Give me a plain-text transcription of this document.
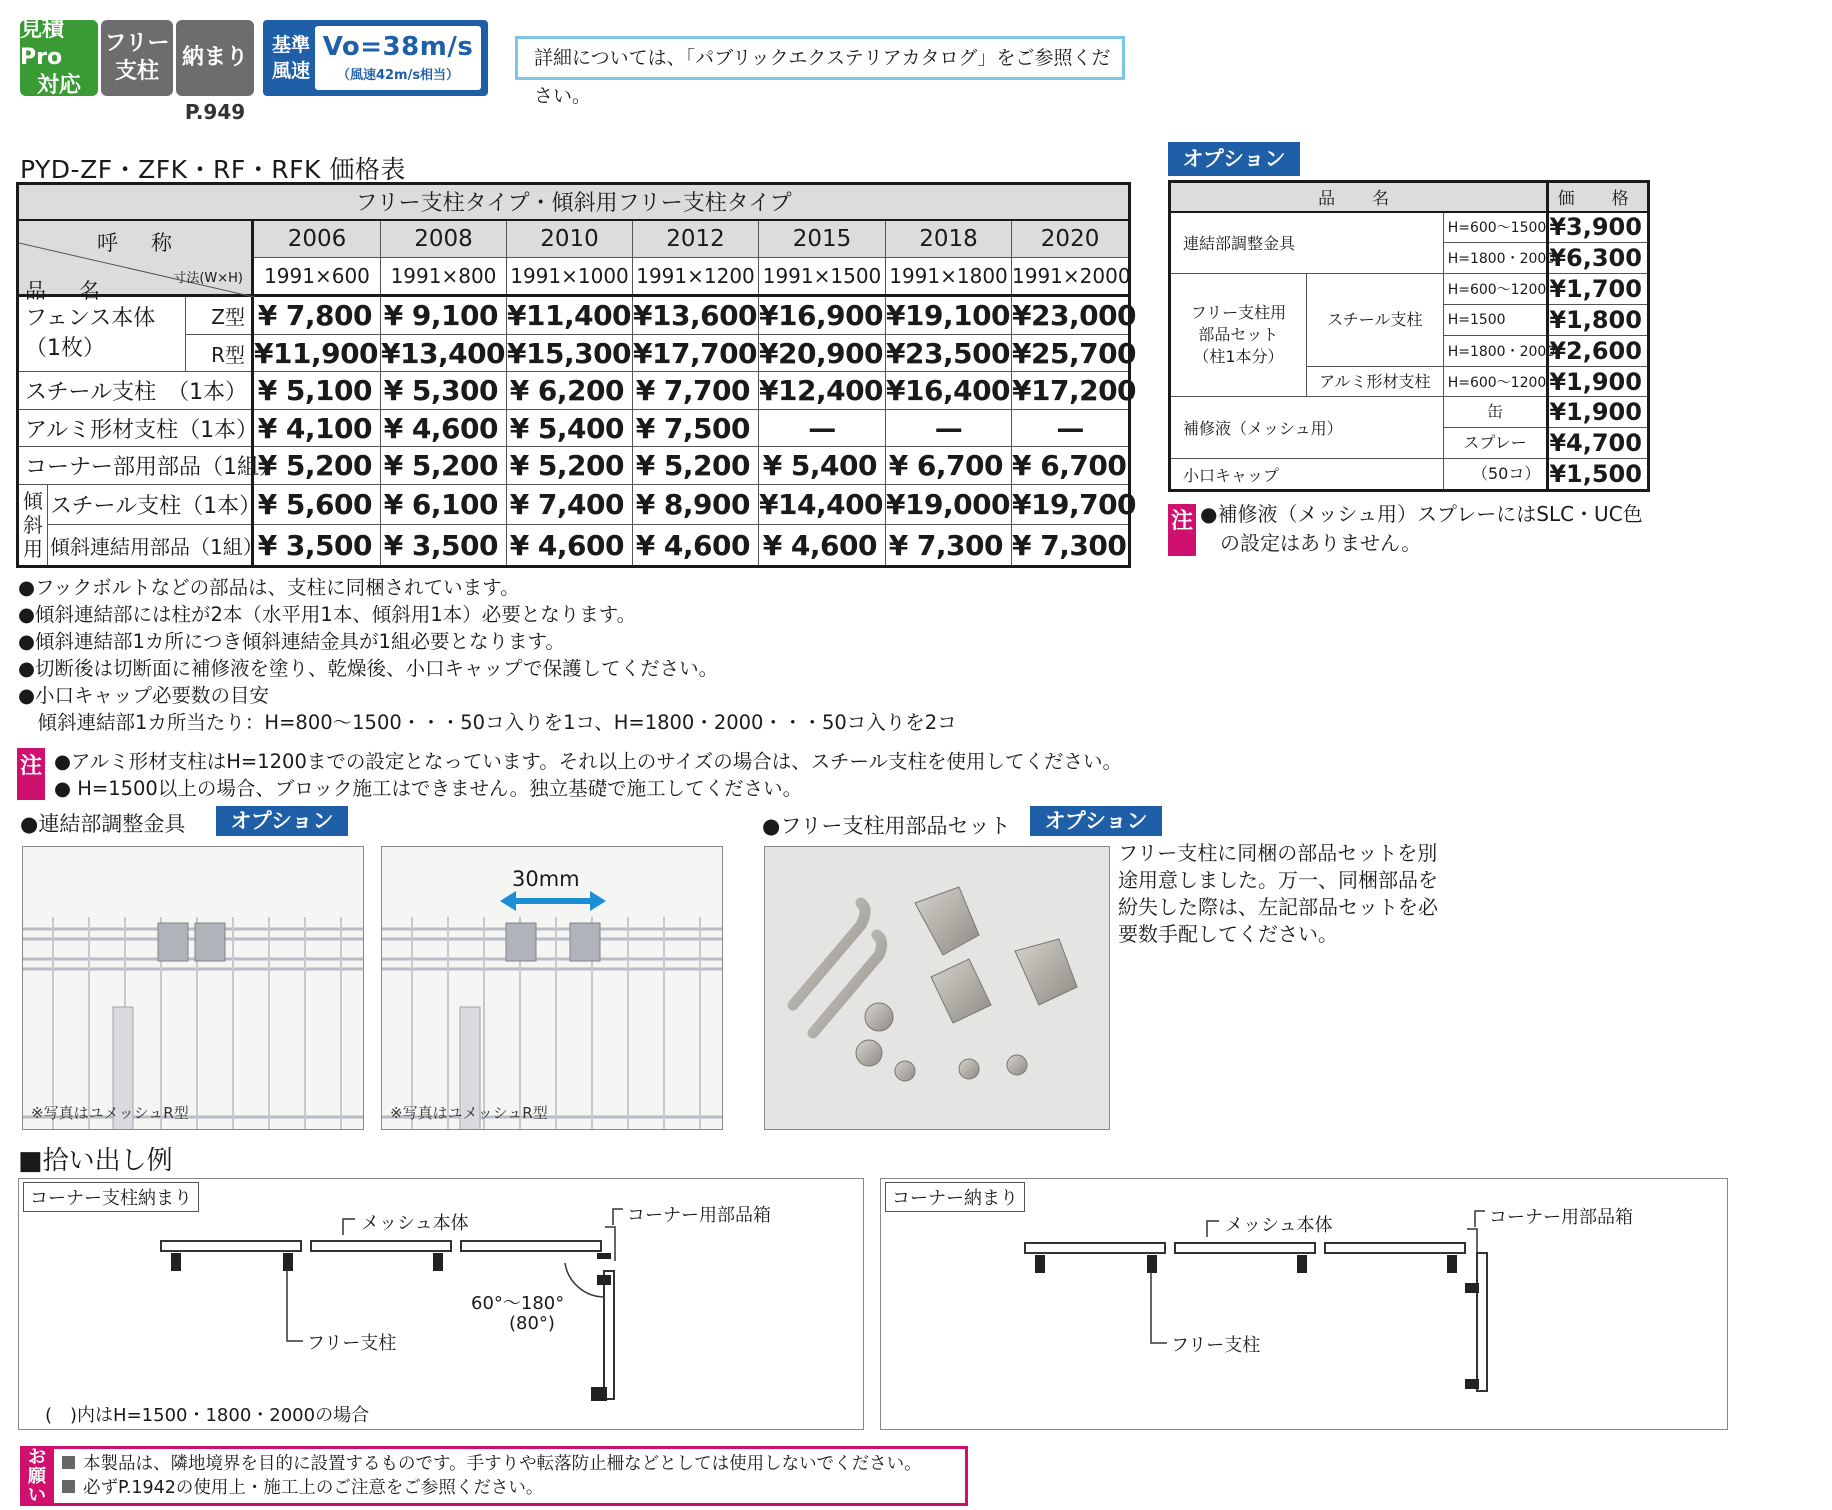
見積Pro
対応
フリー
支柱
納まり
P.949
基準
風速
Vo=38m/s
（風速42m/s相当）
詳細については、「パブリックエクステリアカタログ」をご参照ください。
PYD-ZF・ZFK・RF・RFK 価格表
フリー支柱タイプ・傾斜用フリー支柱タイプ									

呼　称
寸法(W×H)
品　名			2006	2008	2010	2012	2015	2018	2020
			1991×600	1991×800	1991×1000	1991×1200	1991×1500	1991×1800	1991×2000

フェンス本体
（1枚）		Z型	¥ 7,800	¥ 9,100	¥11,400	¥13,600	¥16,900	¥19,100	¥23,000
		R型	¥11,900	¥13,400	¥15,300	¥17,700	¥20,900	¥23,500	¥25,700
スチール支柱　（1本）			¥ 5,100	¥ 5,300	¥ 6,200	¥ 7,700	¥12,400	¥16,400	¥17,200
アルミ形材支柱（1本）			¥ 4,100	¥ 4,600	¥ 5,400	¥ 7,500	—	—	—
コーナー部用部品（1組）			¥ 5,200	¥ 5,200	¥ 5,200	¥ 5,200	¥ 5,400	¥ 6,700	¥ 6,700

傾
斜
用	スチール支柱（1本）		¥ 5,600	¥ 6,100	¥ 7,400	¥ 8,900	¥14,400	¥19,000	¥19,700
	傾斜連結用部品（1組）		¥ 3,500	¥ 3,500	¥ 4,600	¥ 4,600	¥ 4,600	¥ 7,300	¥ 7,300
●フックボルトなどの部品は、支柱に同梱されています。
●傾斜連結部には柱が2本（水平用1本、傾斜用1本）必要となります。
●傾斜連結部1カ所につき傾斜連結金具が1組必要となります。
●切断後は切断面に補修液を塗り、乾燥後、小口キャップで保護してください。
●小口キャップ必要数の目安
　傾斜連結部1カ所当たり：H=800～1500・・・50コ入りを1コ、H=1800・2000・・・50コ入りを2コ
注 ●アルミ形材支柱はH=1200までの設定となっています。それ以上のサイズの場合は、スチール支柱を使用してください。
● H=1500以上の場合、ブロック施工はできません。独立基礎で施工してください。
オプション
品　名			価　格
連結部調整金具		H=600～1500	¥3,900
		H=1800・2000	¥6,300

フリー支柱用
部品セット
（柱1本分）	スチール支柱	H=600～1200	¥1,700
		H=1500	¥1,800
		H=1800・2000	¥2,600
	アルミ形材支柱	H=600～1200	¥1,900
補修液（メッシュ用）		缶	¥1,900
		スプレー	¥4,700
小口キャップ		（50コ）	¥1,500
注 ●補修液（メッシュ用）スプレーにはSLC・UC色
の設定はありません。
●連結部調整金具	オプション
※写真はユメッシュR型
30mm
※写真はユメッシュR型
●フリー支柱用部品セット	オプション
フリー支柱に同梱の部品セットを別途用意しました。万一、同梱部品を紛失した際は、左記部品セットを必要数手配してください。
■拾い出し例
コーナー支柱納まり
メッシュ本体	コーナー用部品箱
フリー支柱
60°～180°
(80°)
(　)内はH=1500・1800・2000の場合
コーナー納まり
メッシュ本体	コーナー用部品箱
フリー支柱
お
願
い
本製品は、隣地境界を目的に設置するものです。手すりや転落防止柵などとしては使用しないでください。
必ずP.1942の使用上・施工上のご注意をご参照ください。
